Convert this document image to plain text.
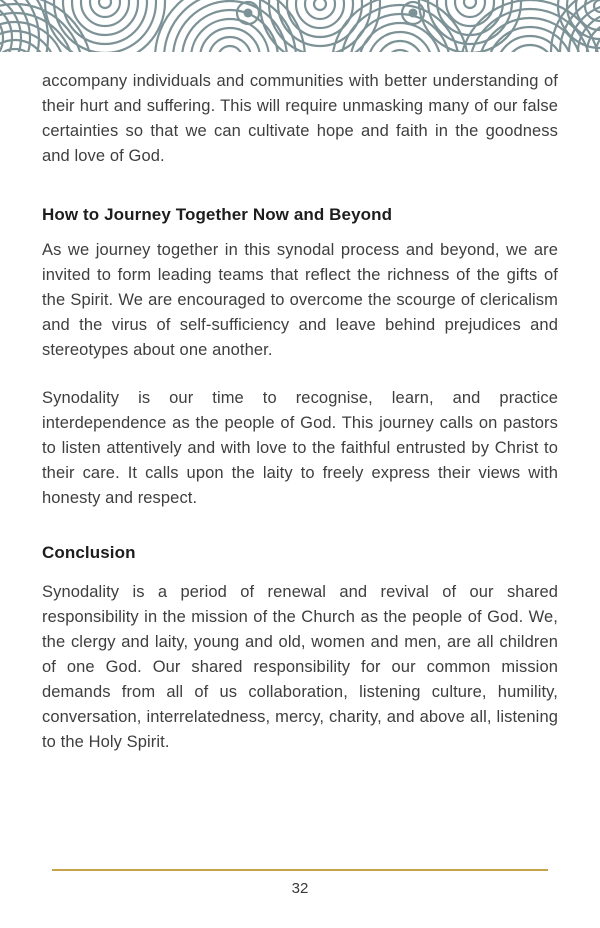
accompany individuals and communities with better understanding of their hurt and suffering. This will require unmasking many of our false certainties so that we can cultivate hope and faith in the goodness and love of God.

How to Journey Together Now and Beyond

As we journey together in this synodal process and beyond, we are invited to form leading teams that reflect the richness of the gifts of the Spirit. We are encouraged to overcome the scourge of clericalism and the virus of self-sufficiency and leave behind prejudices and stereotypes about one another.

Synodality is our time to recognise, learn, and practice interdependence as the people of God. This journey calls on pastors to listen attentively and with love to the faithful entrusted by Christ to their care. It calls upon the laity to freely express their views with honesty and respect.

Conclusion

Synodality is a period of renewal and revival of our shared responsibility in the mission of the Church as the people of God. We, the clergy and laity, young and old, women and men, are all children of one God. Our shared responsibility for our common mission demands from all of us collaboration, listening culture, humility, conversation, interrelatedness, mercy, charity, and above all, listening to the Holy Spirit.

32
